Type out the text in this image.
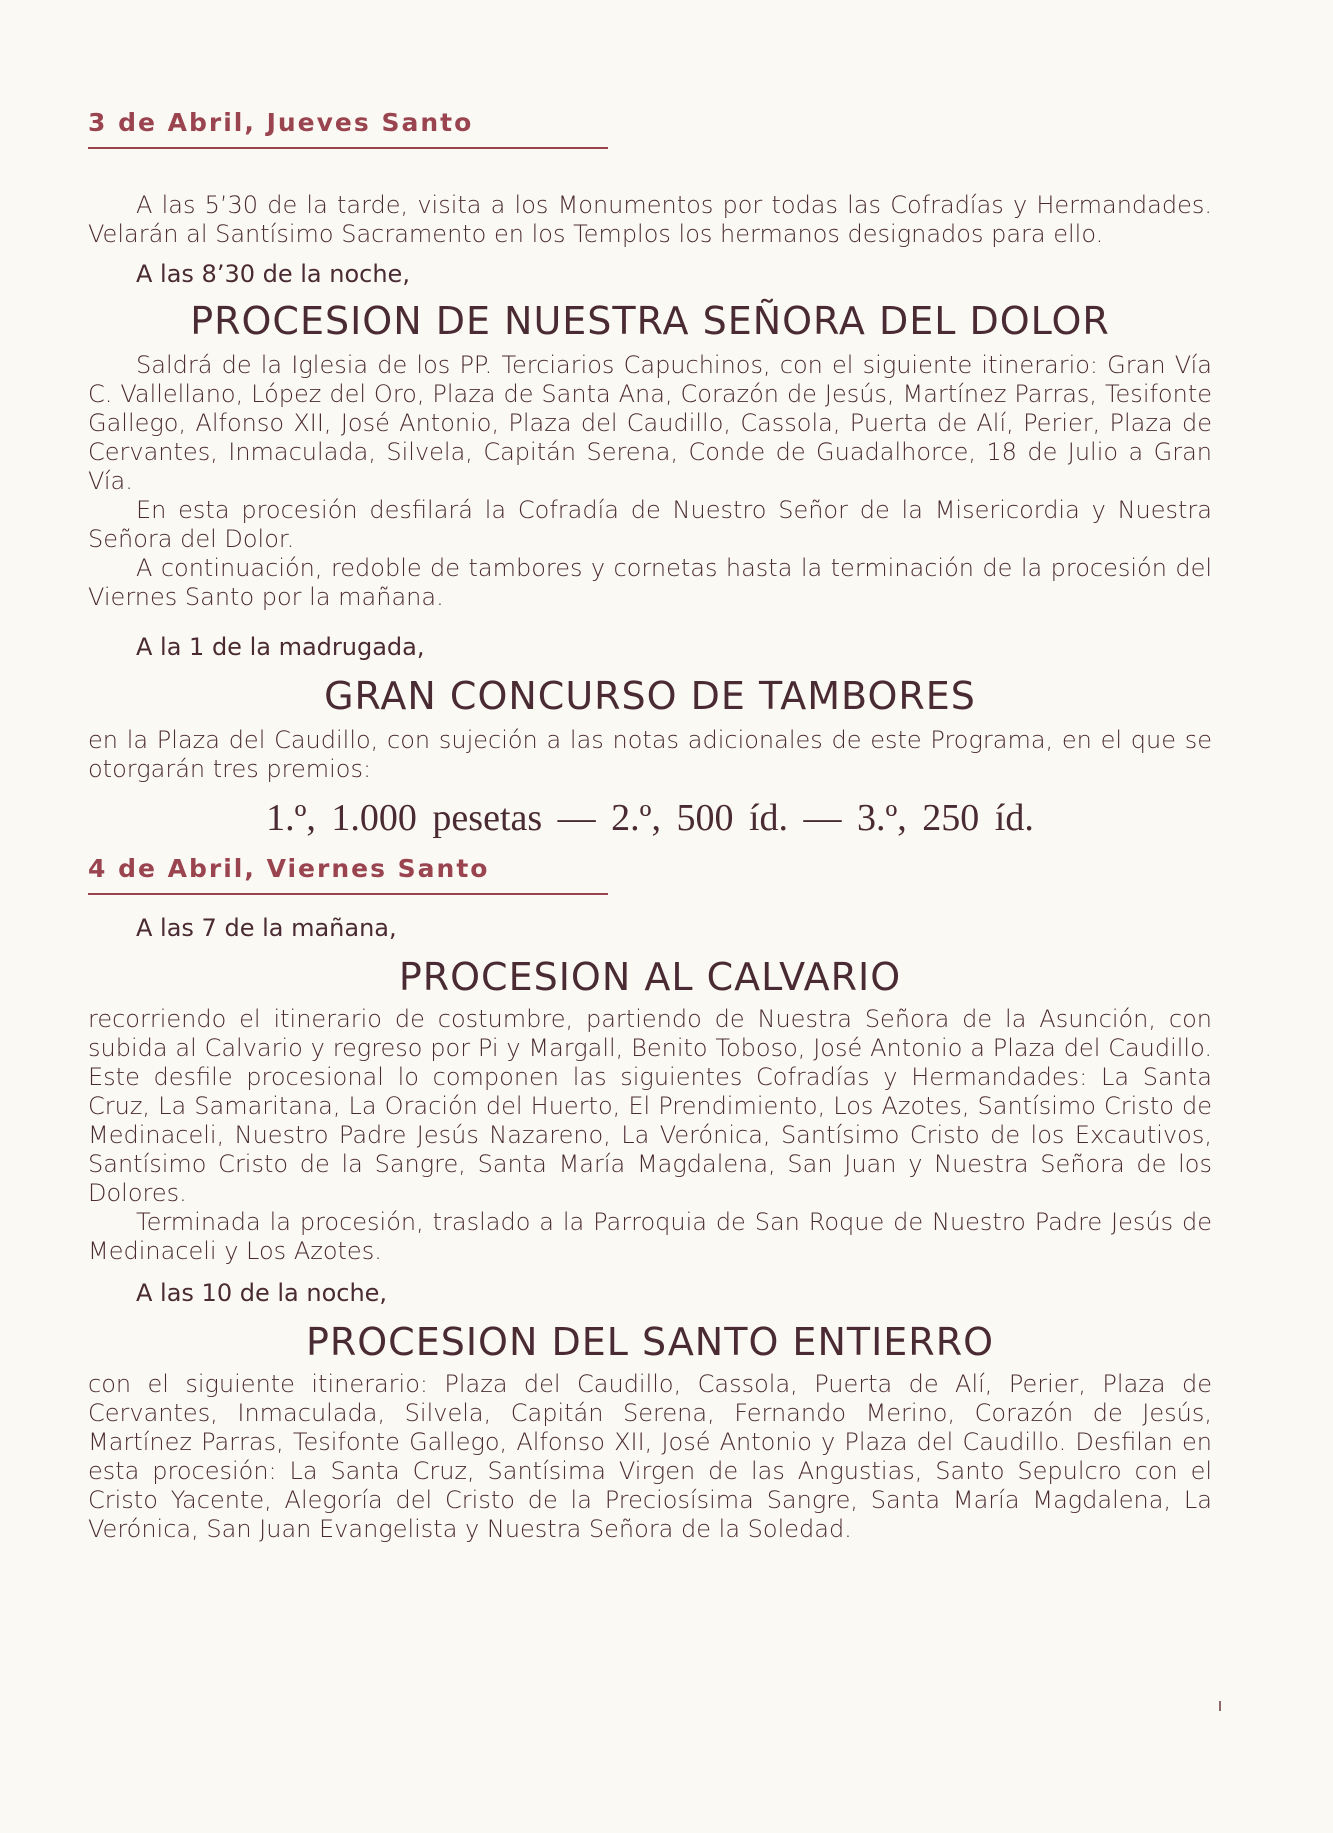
3 de Abril, Jueves Santo

A las 5’30 de la tarde, visita a los Monumentos por todas las Cofradías y Hermandades. Velarán al Santísimo Sacramento en los Templos los hermanos designados para ello.

A las 8’30 de la noche,

PROCESION DE NUESTRA SEÑORA DEL DOLOR

Saldrá de la Iglesia de los PP. Terciarios Capuchinos, con el siguiente itinerario: Gran Vía C. Vallellano, López del Oro, Plaza de Santa Ana, Corazón de Jesús, Martínez Parras, Tesifonte Gallego, Alfonso XII, José Antonio, Plaza del Caudillo, Cassola, Puerta de Alí, Perier, Plaza de Cervantes, Inmaculada, Silvela, Capitán Serena, Conde de Guadalhorce, 18 de Julio a Gran Vía.

En esta procesión desfilará la Cofradía de Nuestro Señor de la Misericordia y Nuestra Señora del Dolor.

A continuación, redoble de tambores y cornetas hasta la terminación de la procesión del Viernes Santo por la mañana.

A la 1 de la madrugada,

GRAN CONCURSO DE TAMBORES

en la Plaza del Caudillo, con sujeción a las notas adicionales de este Programa, en el que se otorgarán tres premios:

1.º, 1.000 pesetas — 2.º, 500 íd. — 3.º, 250 íd.

4 de Abril, Viernes Santo

A las 7 de la mañana,

PROCESION AL CALVARIO

recorriendo el itinerario de costumbre, partiendo de Nuestra Señora de la Asunción, con subida al Calvario y regreso por Pi y Margall, Benito Toboso, José Antonio a Plaza del Caudillo. Este desfile procesional lo componen las siguientes Cofradías y Hermandades: La Santa Cruz, La Samaritana, La Oración del Huerto, El Prendimiento, Los Azotes, Santísimo Cristo de Medinaceli, Nuestro Padre Jesús Nazareno, La Verónica, Santísimo Cristo de los Excautivos, Santísimo Cristo de la Sangre, Santa María Magdalena, San Juan y Nuestra Señora de los Dolores.

Terminada la procesión, traslado a la Parroquia de San Roque de Nuestro Padre Jesús de Medinaceli y Los Azotes.

A las 10 de la noche,

PROCESION DEL SANTO ENTIERRO

con el siguiente itinerario: Plaza del Caudillo, Cassola, Puerta de Alí, Perier, Plaza de Cervantes, Inmaculada, Silvela, Capitán Serena, Fernando Merino, Corazón de Jesús, Martínez Parras, Tesifonte Gallego, Alfonso XII, José Antonio y Plaza del Caudillo. Desfilan en esta procesión: La Santa Cruz, Santísima Virgen de las Angustias, Santo Sepulcro con el Cristo Yacente, Alegoría del Cristo de la Preciosísima Sangre, Santa María Magdalena, La Verónica, San Juan Evangelista y Nuestra Señora de la Soledad.
